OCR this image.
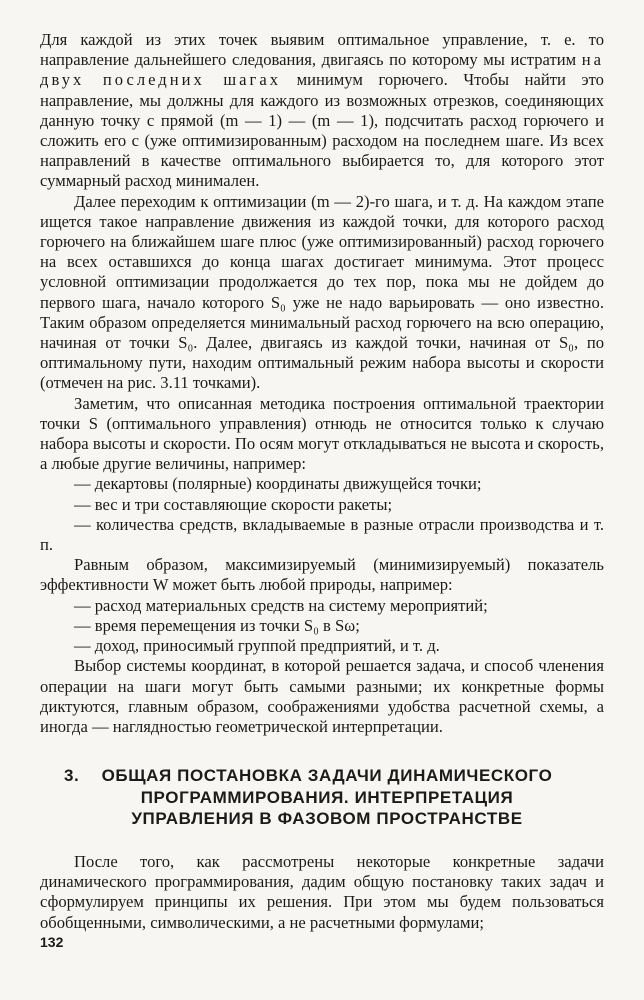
Для каждой из этих точек выявим оптимальное управление, т. е. то направление дальнейшего следования, двигаясь по которому мы истратим на двух последних шагах минимум горючего. Чтобы найти это направление, мы должны для каждого из возможных отрезков, соединяющих данную точку с прямой (m — 1) — (m — 1), подсчитать расход горючего и сложить его с (уже оптимизированным) расходом на последнем шаге. Из всех направлений в качестве оптимального выбирается то, для которого этот суммарный расход минимален.

Далее переходим к оптимизации (m — 2)-го шага, и т. д. На каждом этапе ищется такое направление движения из каждой точки, для которого расход горючего на ближайшем шаге плюс (уже оптимизированный) расход горючего на всех оставшихся до конца шагах достигает минимума. Этот процесс условной оптимизации продолжается до тех пор, пока мы не дойдем до первого шага, начало которого S₀ уже не надо варьировать — оно известно. Таким образом определяется минимальный расход горючего на всю операцию, начиная от точки S₀. Далее, двигаясь из каждой точки, начиная от S₀, по оптимальному пути, находим оптимальный режим набора высоты и скорости (отмечен на рис. 3.11 точками).

Заметим, что описанная методика построения оптимальной траектории точки S (оптимального управления) отнюдь не относится только к случаю набора высоты и скорости. По осям могут откладываться не высота и скорость, а любые другие величины, например:

— декартовы (полярные) координаты движущейся точки;

— вес и три составляющие скорости ракеты;

— количества средств, вкладываемые в разные отрасли производства и т. п.

Равным образом, максимизируемый (минимизируемый) показатель эффективности W может быть любой природы, например:

— расход материальных средств на систему мероприятий;

— время перемещения из точки S₀ в Sω;

— доход, приносимый группой предприятий, и т. д.

Выбор системы координат, в которой решается задача, и способ членения операции на шаги могут быть самыми разными; их конкретные формы диктуются, главным образом, соображениями удобства расчетной схемы, а иногда — наглядностью геометрической интерпретации.

3.	ОБЩАЯ ПОСТАНОВКА ЗАДАЧИ ДИНАМИЧЕСКОГО ПРОГРАММИРОВАНИЯ. ИНТЕРПРЕТАЦИЯ УПРАВЛЕНИЯ В ФАЗОВОМ ПРОСТРАНСТВЕ

После того, как рассмотрены некоторые конкретные задачи динамического программирования, дадим общую постановку таких задач и сформулируем принципы их решения. При этом мы будем пользоваться обобщенными, символическими, а не расчетными формулами;

132
